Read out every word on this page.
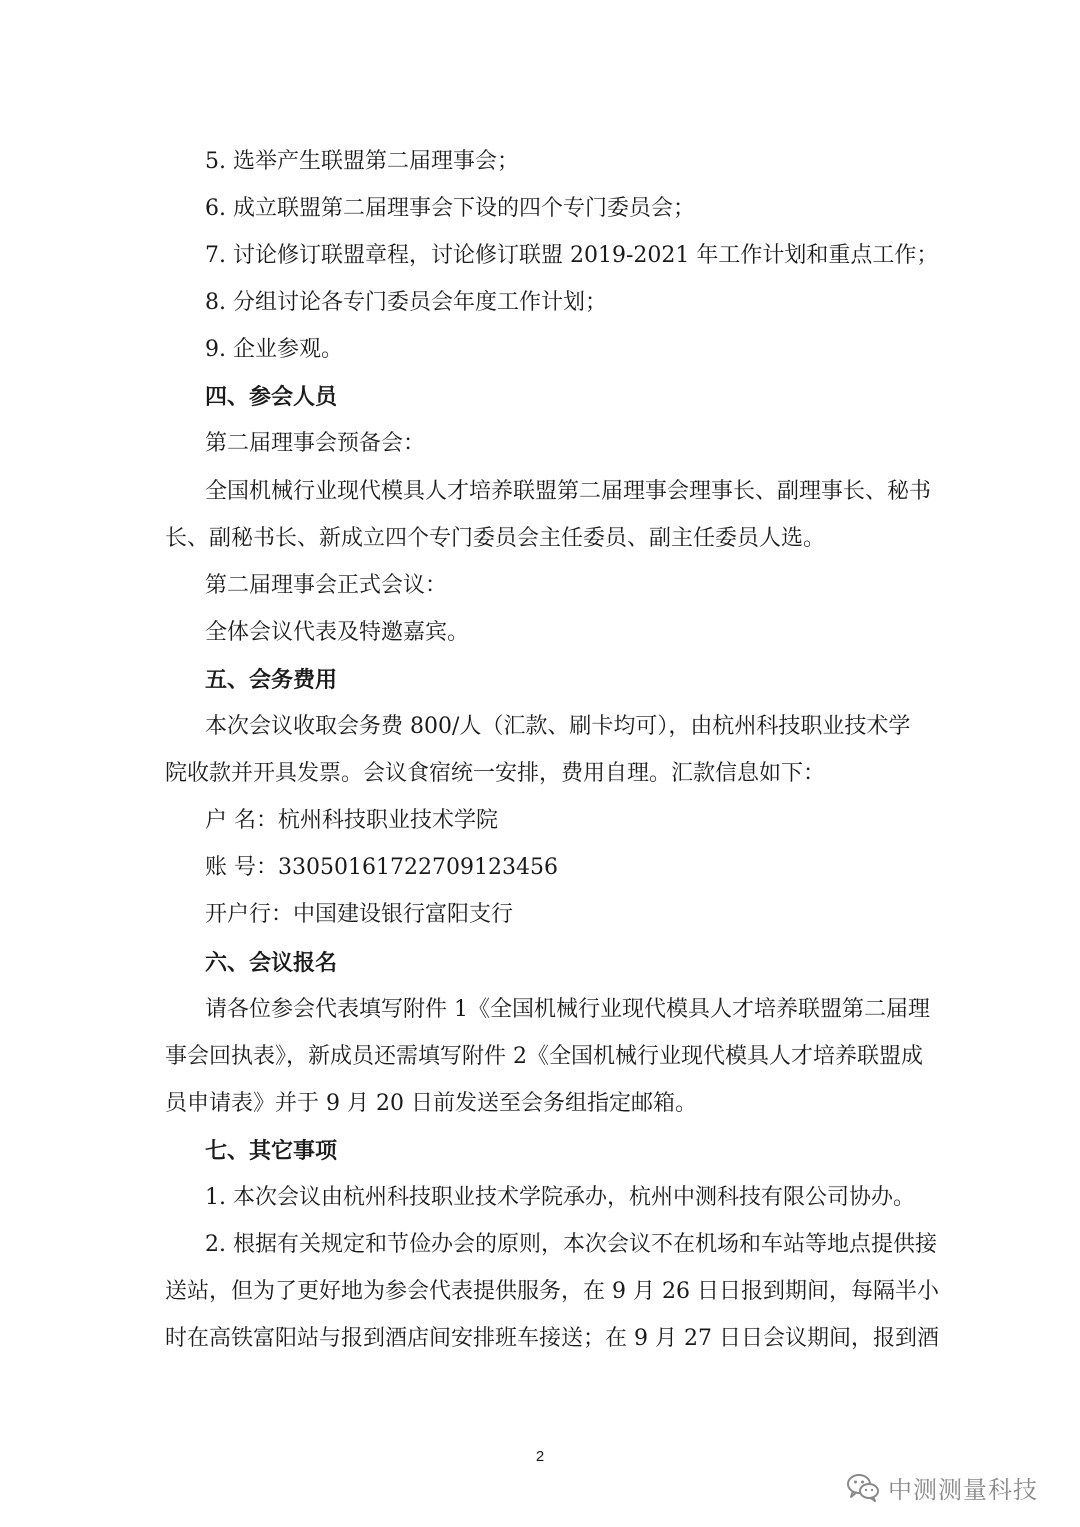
5. 选举产生联盟第二届理事会；
6. 成立联盟第二届理事会下设的四个专门委员会；
7. 讨论修订联盟章程，讨论修订联盟 2019-2021 年工作计划和重点工作；
8. 分组讨论各专门委员会年度工作计划；
9. 企业参观。
四、参会人员
第二届理事会预备会：
全国机械行业现代模具人才培养联盟第二届理事会理事长、副理事长、秘书
长、副秘书长、新成立四个专门委员会主任委员、副主任委员人选。
第二届理事会正式会议：
全体会议代表及特邀嘉宾。
五、会务费用
本次会议收取会务费 800/人（汇款、刷卡均可），由杭州科技职业技术学
院收款并开具发票。会议食宿统一安排，费用自理。汇款信息如下：
户 名：杭州科技职业技术学院
账 号：33050161722709123456
开户行：中国建设银行富阳支行
六、会议报名
请各位参会代表填写附件 1《全国机械行业现代模具人才培养联盟第二届理
事会回执表》，新成员还需填写附件 2《全国机械行业现代模具人才培养联盟成
员申请表》并于 9 月 20 日前发送至会务组指定邮箱。
七、其它事项
1. 本次会议由杭州科技职业技术学院承办，杭州中测科技有限公司协办。
2. 根据有关规定和节俭办会的原则，本次会议不在机场和车站等地点提供接
送站，但为了更好地为参会代表提供服务，在 9 月 26 日日报到期间，每隔半小
时在高铁富阳站与报到酒店间安排班车接送；在 9 月 27 日日会议期间，报到酒
2
中测测量科技
